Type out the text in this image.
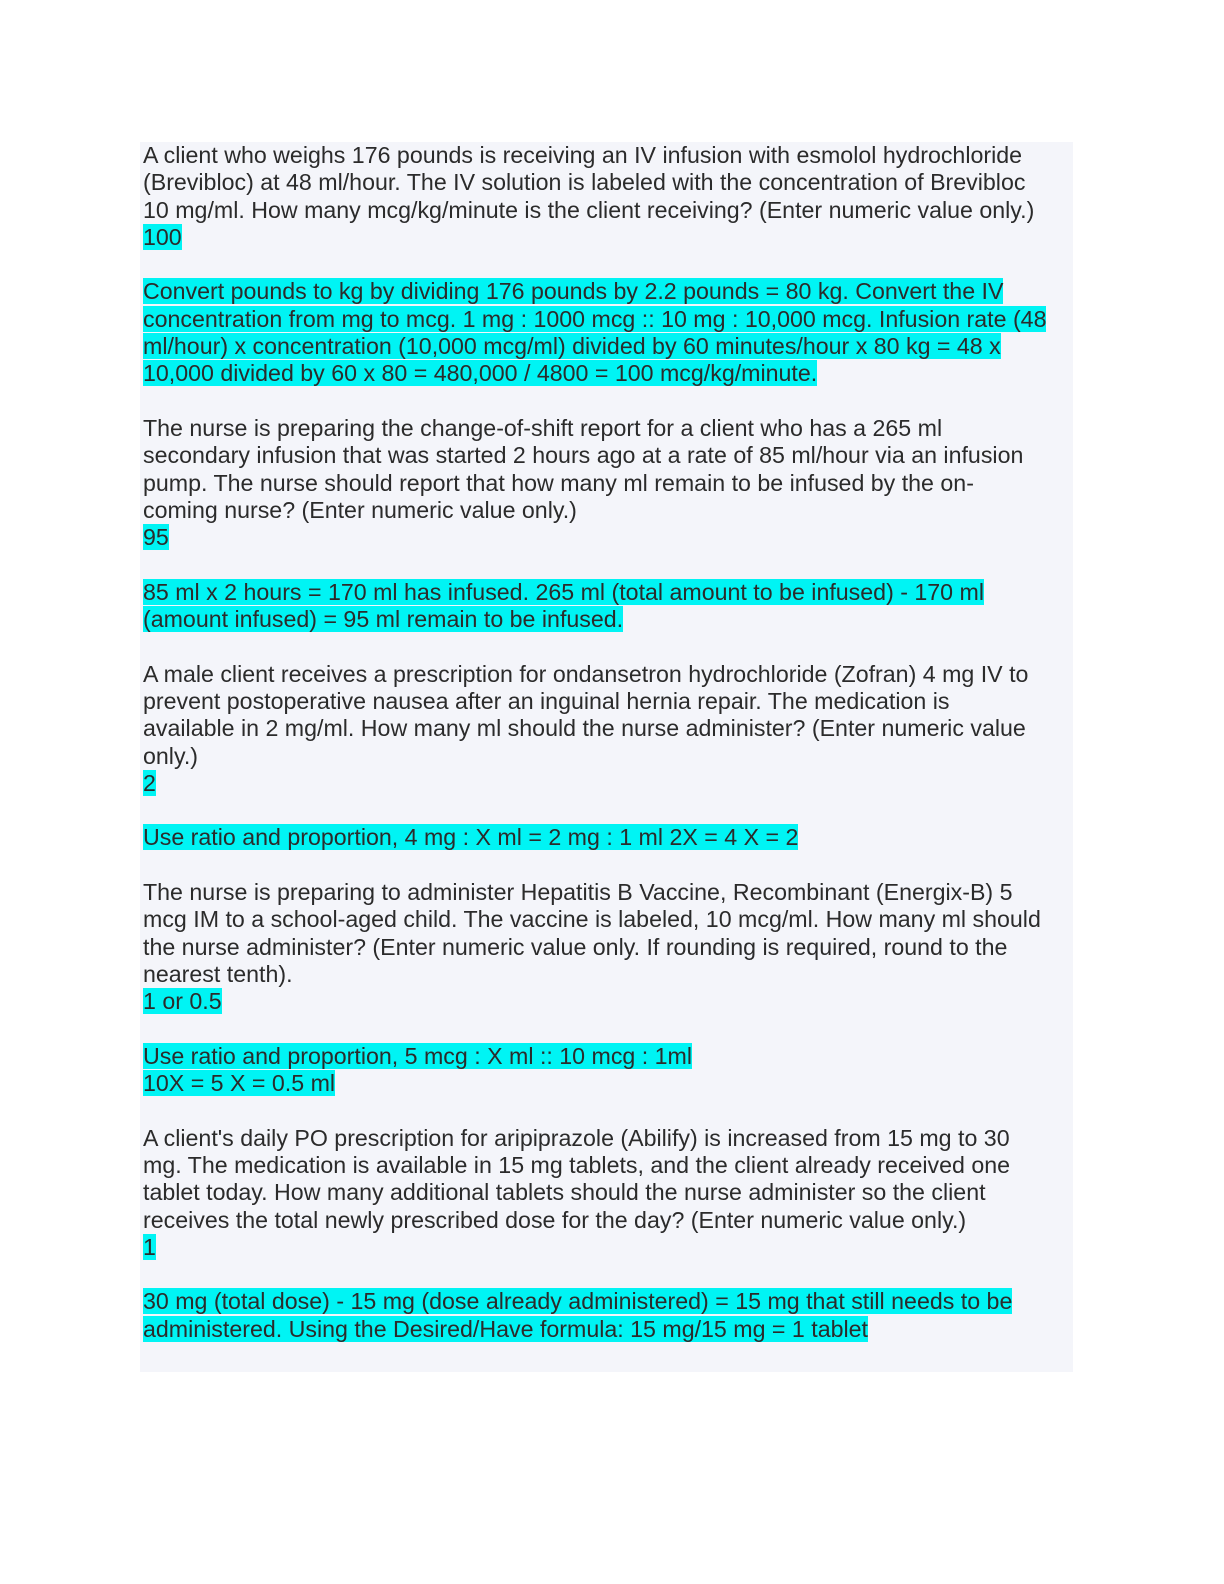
A client who weighs 176 pounds is receiving an IV infusion with esmolol hydrochloride
(Brevibloc) at 48 ml/hour. The IV solution is labeled with the concentration of Brevibloc
10 mg/ml. How many mcg/kg/minute is the client receiving? (Enter numeric value only.)
100
Convert pounds to kg by dividing 176 pounds by 2.2 pounds = 80 kg. Convert the IV
concentration from mg to mcg. 1 mg : 1000 mcg :: 10 mg : 10,000 mcg. Infusion rate (48
ml/hour) x concentration (10,000 mcg/ml) divided by 60 minutes/hour x 80 kg = 48 x
10,000 divided by 60 x 80 = 480,000 / 4800 = 100 mcg/kg/minute.
The nurse is preparing the change-of-shift report for a client who has a 265 ml
secondary infusion that was started 2 hours ago at a rate of 85 ml/hour via an infusion
pump. The nurse should report that how many ml remain to be infused by the on-
coming nurse? (Enter numeric value only.)
95
85 ml x 2 hours = 170 ml has infused. 265 ml (total amount to be infused) - 170 ml
(amount infused) = 95 ml remain to be infused.
A male client receives a prescription for ondansetron hydrochloride (Zofran) 4 mg IV to
prevent postoperative nausea after an inguinal hernia repair. The medication is
available in 2 mg/ml. How many ml should the nurse administer? (Enter numeric value
only.)
2
Use ratio and proportion, 4 mg : X ml = 2 mg : 1 ml 2X = 4 X = 2
The nurse is preparing to administer Hepatitis B Vaccine, Recombinant (Energix-B) 5
mcg IM to a school-aged child. The vaccine is labeled, 10 mcg/ml. How many ml should
the nurse administer? (Enter numeric value only. If rounding is required, round to the
nearest tenth).
1 or 0.5
Use ratio and proportion, 5 mcg : X ml :: 10 mcg : 1ml
10X = 5 X = 0.5 ml
A client's daily PO prescription for aripiprazole (Abilify) is increased from 15 mg to 30
mg. The medication is available in 15 mg tablets, and the client already received one
tablet today. How many additional tablets should the nurse administer so the client
receives the total newly prescribed dose for the day? (Enter numeric value only.)
1
30 mg (total dose) - 15 mg (dose already administered) = 15 mg that still needs to be
administered. Using the Desired/Have formula: 15 mg/15 mg = 1 tablet
